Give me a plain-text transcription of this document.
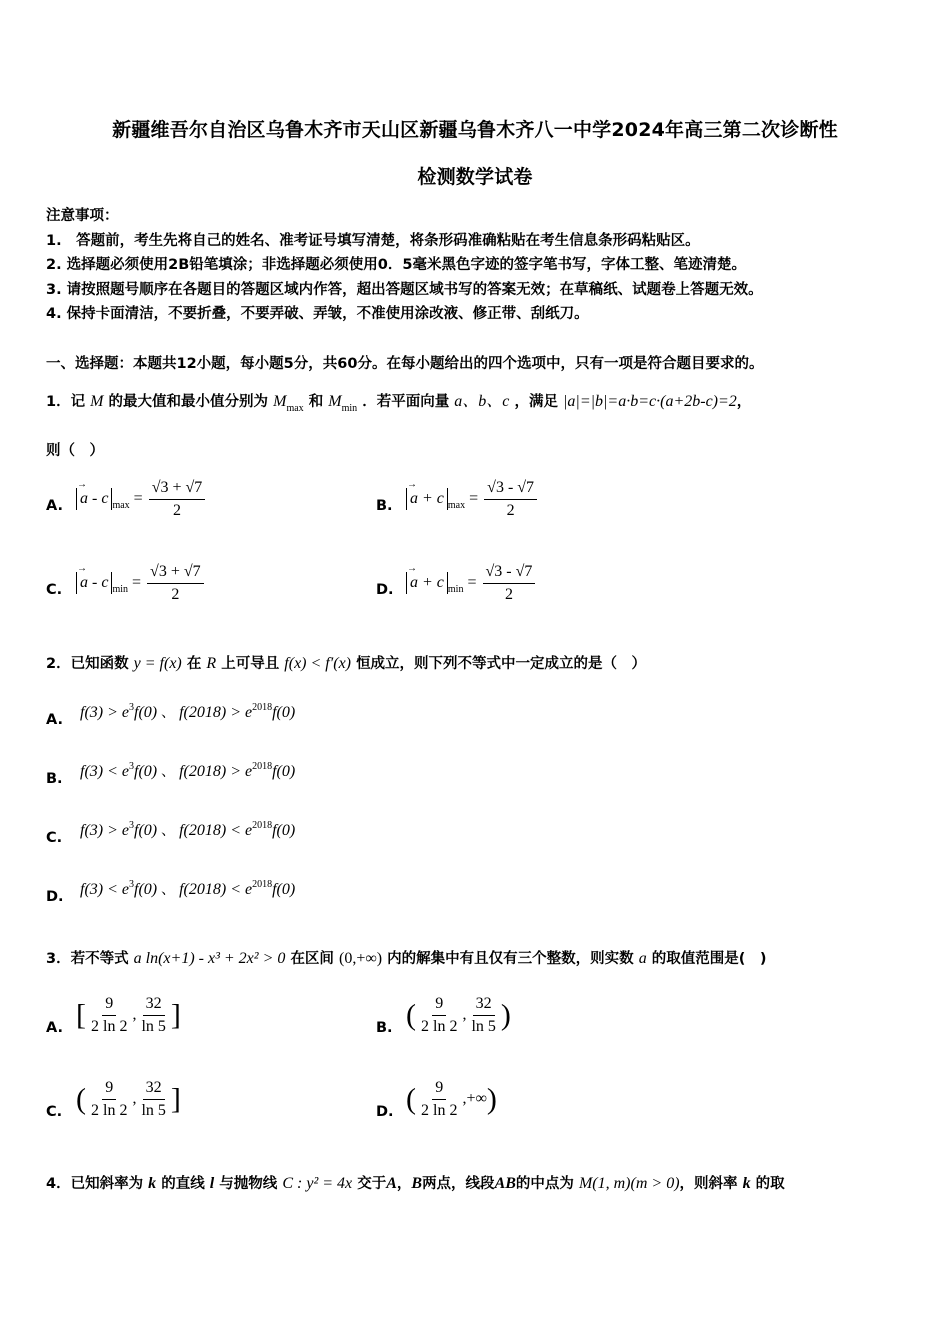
新疆维吾尔自治区乌鲁木齐市天山区新疆乌鲁木齐八一中学2024年高三第二次诊断性
检测数学试卷
注意事项：
1.　答题前，考生先将自己的姓名、准考证号填写清楚，将条形码准确粘贴在考生信息条形码粘贴区。
2. 选择题必须使用2B铅笔填涂；非选择题必须使用0．5毫米黑色字迹的签字笔书写，字体工整、笔迹清楚。
3. 请按照题号顺序在各题目的答题区域内作答，超出答题区域书写的答案无效；在草稿纸、试题卷上答题无效。
4. 保持卡面清洁，不要折叠，不要弄破、弄皱，不准使用涂改液、修正带、刮纸刀。
一、选择题：本题共12小题，每小题5分，共60分。在每小题给出的四个选项中，只有一项是符合题目要求的。
1．记 M 的最大值和最小值分别为 $M_{max}$ 和 $M_{min}$ ．若平面向量 a、b、c ，满足 |a|=|b|=a·b=c·(a+2b-c)=2，
则（　）
A. → a - c $_{max} = \frac{√3 + √7}{2}$	B. → a + c $_{max} = \frac{√3 - √7}{2}$
C. → a - c $_{min} = \frac{√3 + √7}{2}$	D. → a + c $_{min} = \frac{√3 - √7}{2}$
2．已知函数 y = f(x) 在 R 上可导且 f(x) < f′(x) 恒成立，则下列不等式中一定成立的是（　）
A. $f(3) > e^3f(0)$ 、 $f(2018) > e^{2018}f(0)$
B. $f(3) < e^3f(0)$ 、 $f(2018) > e^{2018}f(0)$
C. $f(3) > e^3f(0)$ 、 $f(2018) < e^{2018}f(0)$
D. $f(3) < e^3f(0)$ 、 $f(2018) < e^{2018}f(0)$
3．若不等式 a ln(x+1) - x³ + 2x² > 0 在区间 (0,+∞) 内的解集中有且仅有三个整数，则实数 a 的取值范围是(　)
A. [ $\frac{9}{2 \ln 2}$ , $\frac{32}{\ln 5}$ ]	B. ( $\frac{9}{2 \ln 2}$ , $\frac{32}{\ln 5}$ )
C. ( $\frac{9}{2 \ln 2}$ , $\frac{32}{\ln 5}$ ]	D. ( $\frac{9}{2 \ln 2}$ ,+∞)
4．已知斜率为 k 的直线 l 与抛物线 C : y² = 4x 交于A，B两点，线段AB的中点为 M(1, m)(m > 0)，则斜率 k 的取
